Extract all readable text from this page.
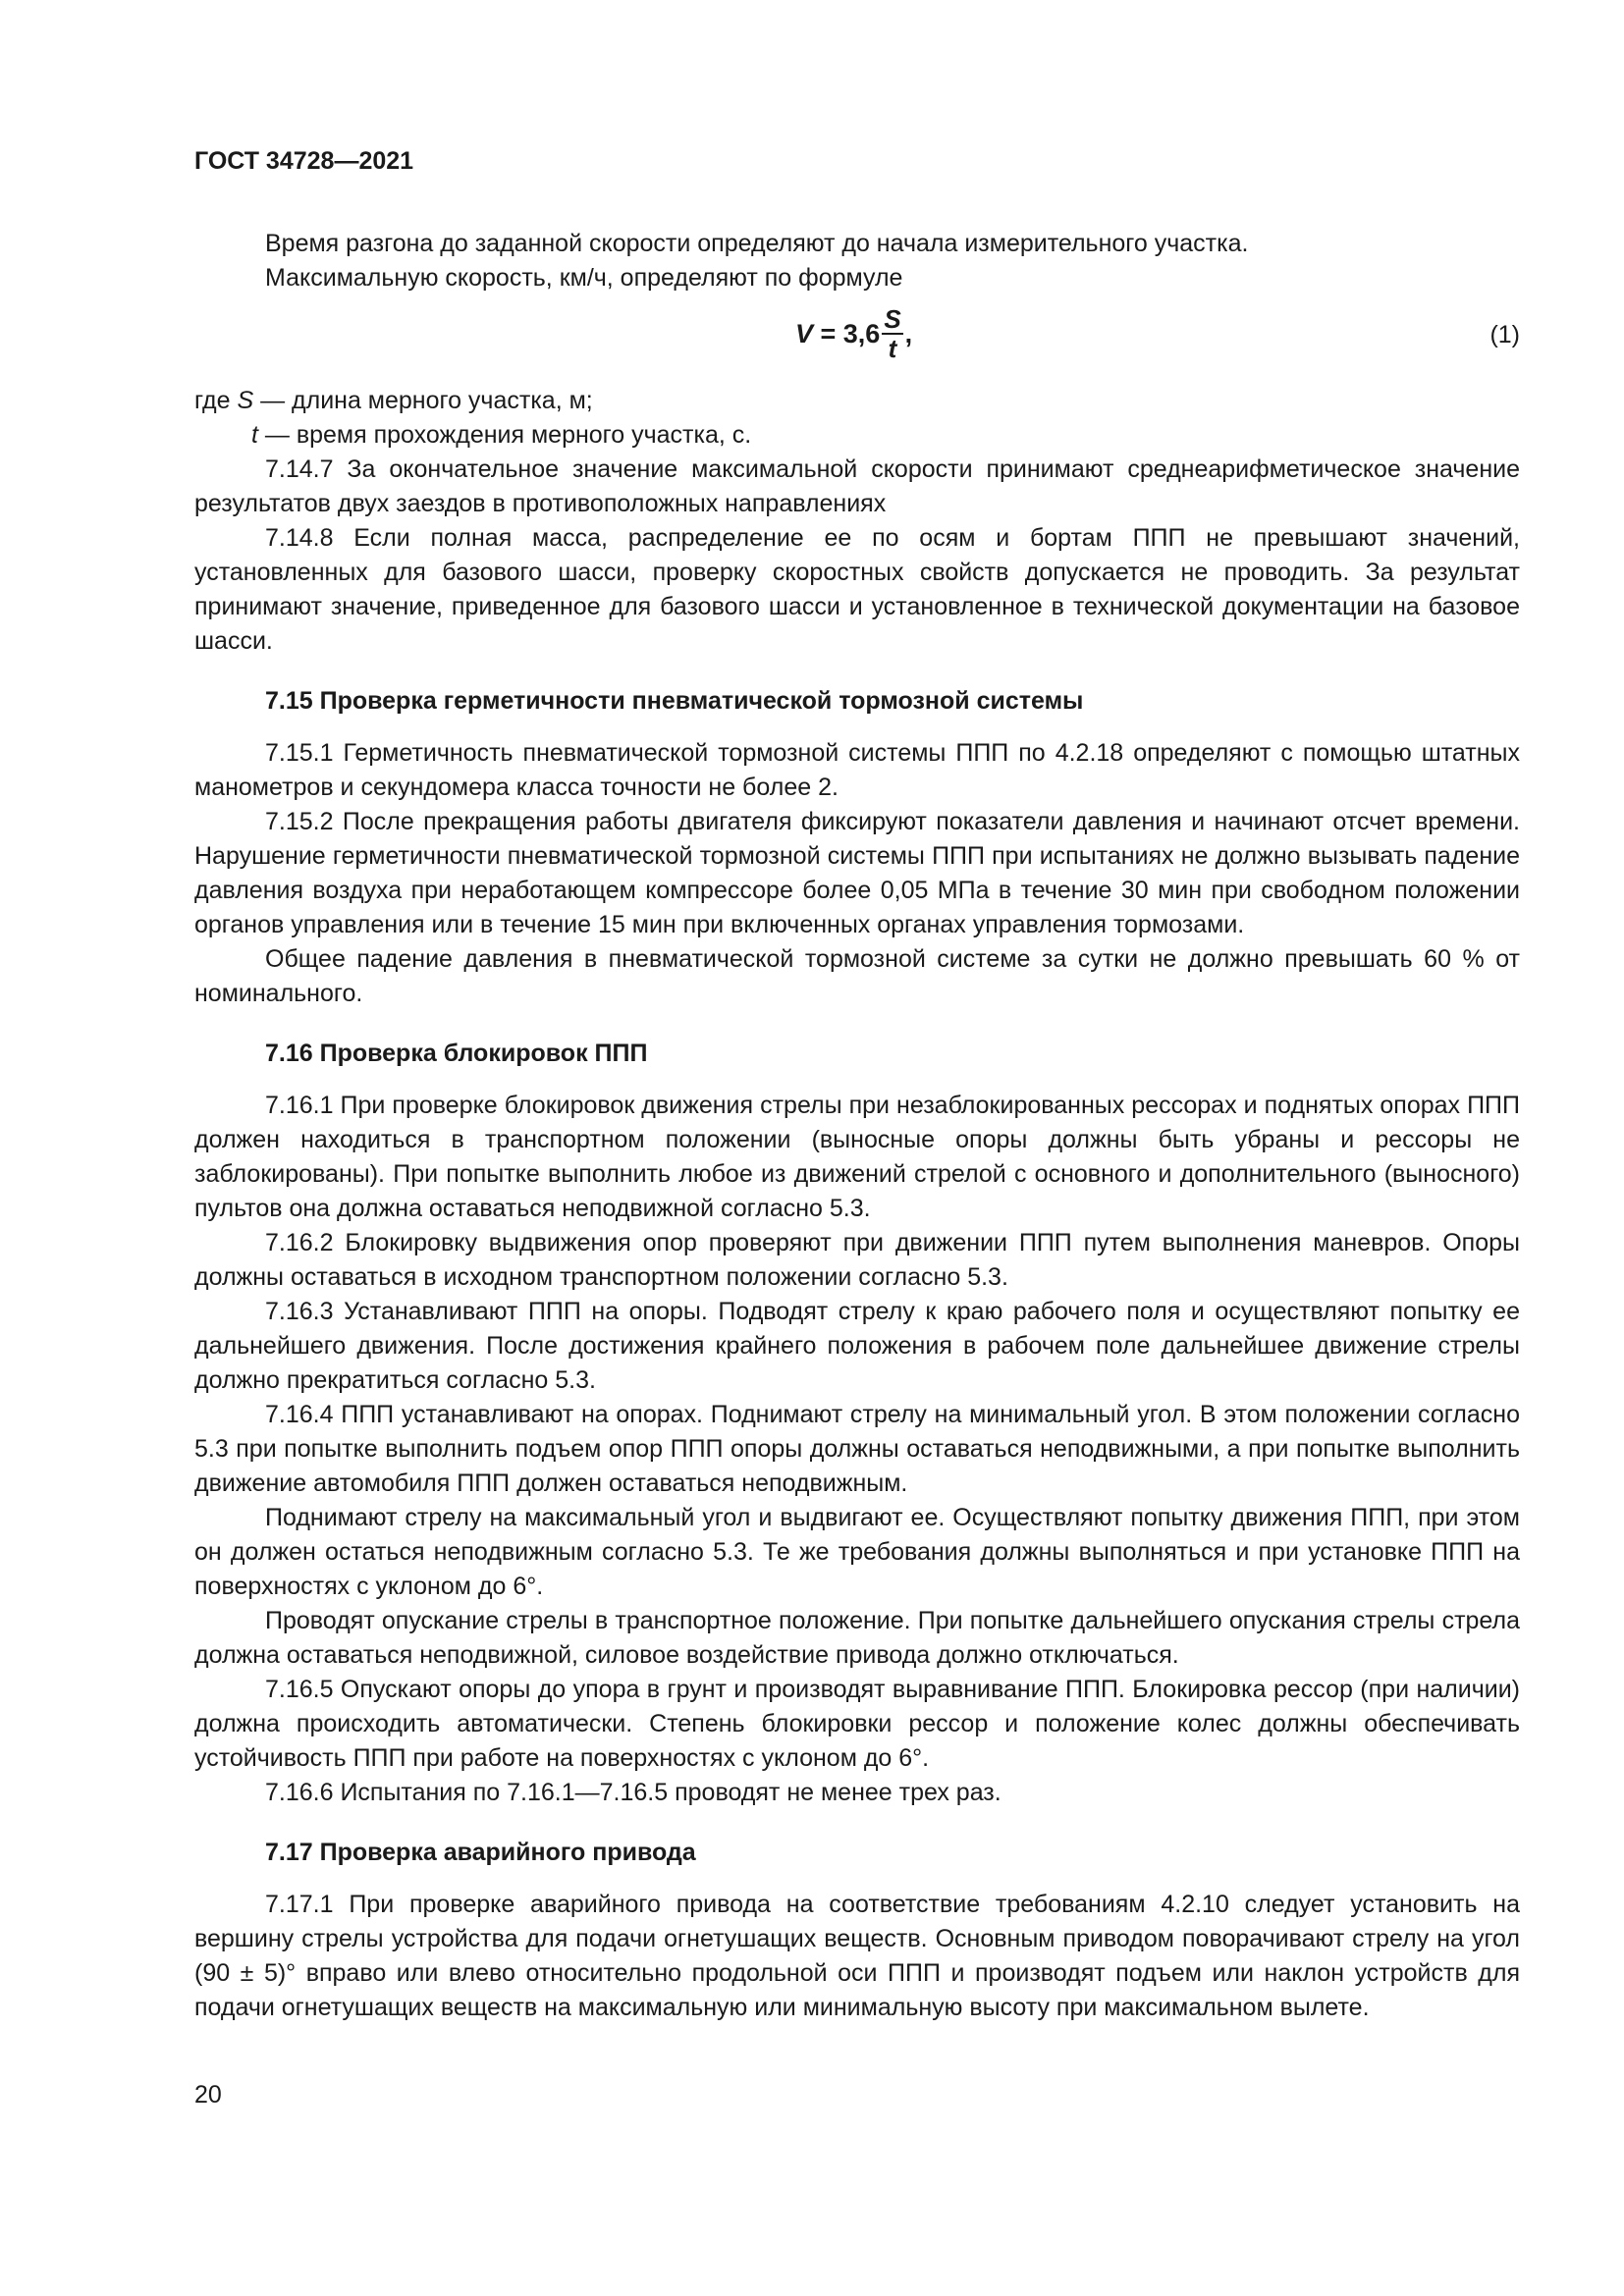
ГОСТ 34728—2021

Время разгона до заданной скорости определяют до начала измерительного участка.

Максимальную скорость, км/ч, определяют по формуле

$V = 3,6 \frac{S}{t}$ ,	(1)

где S — длина мерного участка, м;

t — время прохождения мерного участка, с.

7.14.7 За окончательное значение максимальной скорости принимают среднеарифметическое значение результатов двух заездов в противоположных направлениях

7.14.8 Если полная масса, распределение ее по осям и бортам ППП не превышают значений, установленных для базового шасси, проверку скоростных свойств допускается не проводить. За результат принимают значение, приведенное для базового шасси и установленное в технической документации на базовое шасси.

7.15 Проверка герметичности пневматической тормозной системы

7.15.1 Герметичность пневматической тормозной системы ППП по 4.2.18 определяют с помощью штатных манометров и секундомера класса точности не более 2.

7.15.2 После прекращения работы двигателя фиксируют показатели давления и начинают отсчет времени. Нарушение герметичности пневматической тормозной системы ППП при испытаниях не должно вызывать падение давления воздуха при неработающем компрессоре более 0,05 МПа в течение 30 мин при свободном положении органов управления или в течение 15 мин при включенных органах управления тормозами.

Общее падение давления в пневматической тормозной системе за сутки не должно превышать 60 % от номинального.

7.16 Проверка блокировок ППП

7.16.1 При проверке блокировок движения стрелы при незаблокированных рессорах и поднятых опорах ППП должен находиться в транспортном положении (выносные опоры должны быть убраны и рессоры не заблокированы). При попытке выполнить любое из движений стрелой с основного и дополнительного (выносного) пультов она должна оставаться неподвижной согласно 5.3.

7.16.2 Блокировку выдвижения опор проверяют при движении ППП путем выполнения маневров. Опоры должны оставаться в исходном транспортном положении согласно 5.3.

7.16.3 Устанавливают ППП на опоры. Подводят стрелу к краю рабочего поля и осуществляют попытку ее дальнейшего движения. После достижения крайнего положения в рабочем поле дальнейшее движение стрелы должно прекратиться согласно 5.3.

7.16.4 ППП устанавливают на опорах. Поднимают стрелу на минимальный угол. В этом положении согласно 5.3 при попытке выполнить подъем опор ППП опоры должны оставаться неподвижными, а при попытке выполнить движение автомобиля ППП должен оставаться неподвижным.

Поднимают стрелу на максимальный угол и выдвигают ее. Осуществляют попытку движения ППП, при этом он должен остаться неподвижным согласно 5.3. Те же требования должны выполняться и при установке ППП на поверхностях с уклоном до 6°.

Проводят опускание стрелы в транспортное положение. При попытке дальнейшего опускания стрелы стрела должна оставаться неподвижной, силовое воздействие привода должно отключаться.

7.16.5 Опускают опоры до упора в грунт и производят выравнивание ППП. Блокировка рессор (при наличии) должна происходить автоматически. Степень блокировки рессор и положение колес должны обеспечивать устойчивость ППП при работе на поверхностях с уклоном до 6°.

7.16.6 Испытания по 7.16.1—7.16.5 проводят не менее трех раз.

7.17 Проверка аварийного привода

7.17.1 При проверке аварийного привода на соответствие требованиям 4.2.10 следует установить на вершину стрелы устройства для подачи огнетушащих веществ. Основным приводом поворачивают стрелу на угол (90 ± 5)° вправо или влево относительно продольной оси ППП и производят подъем или наклон устройств для подачи огнетушащих веществ на максимальную или минимальную высоту при максимальном вылете.

20
